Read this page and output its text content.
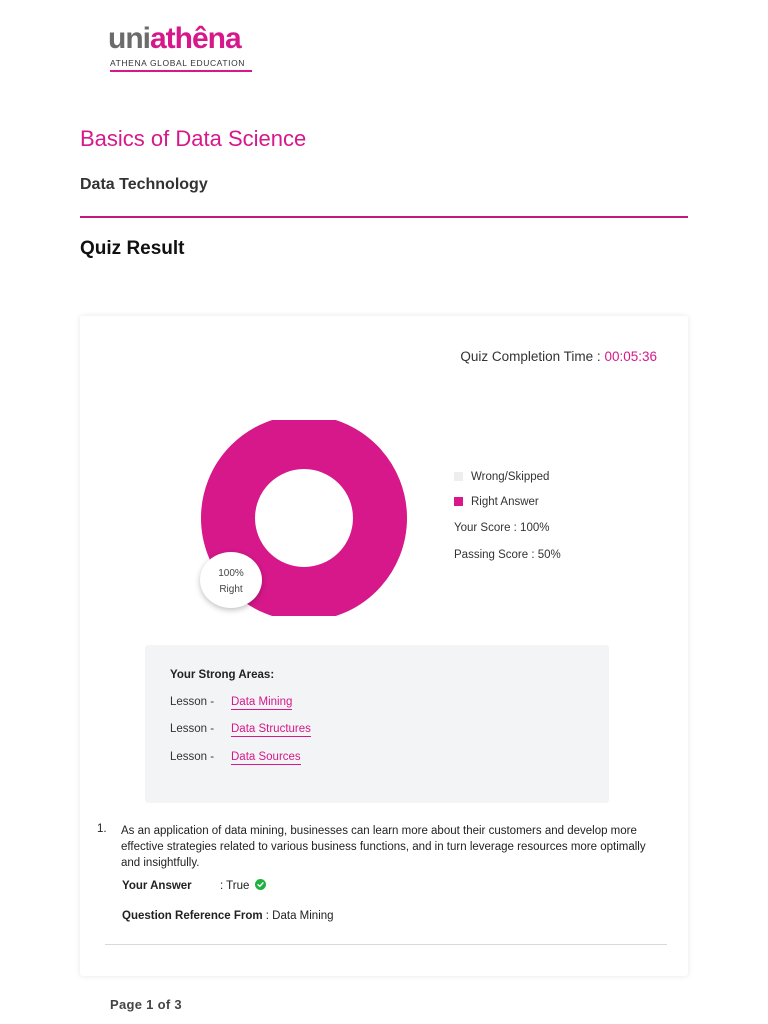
uniathêna
ATHENA GLOBAL EDUCATION
Basics of Data Science
Data Technology
Quiz Result
Quiz Completion Time : 00:05:36
100%
Right
Wrong/Skipped
Right Answer
Your Score : 100%
Passing Score : 50%
Your Strong Areas:
Lesson - Data Mining
Lesson - Data Structures
Lesson - Data Sources
1. As an application of data mining, businesses can learn more about their customers and develop more effective strategies related to various business functions, and in turn leverage resources more optimally and insightfully.
Your Answer : True
Question Reference From : Data Mining
Page 1 of 3
